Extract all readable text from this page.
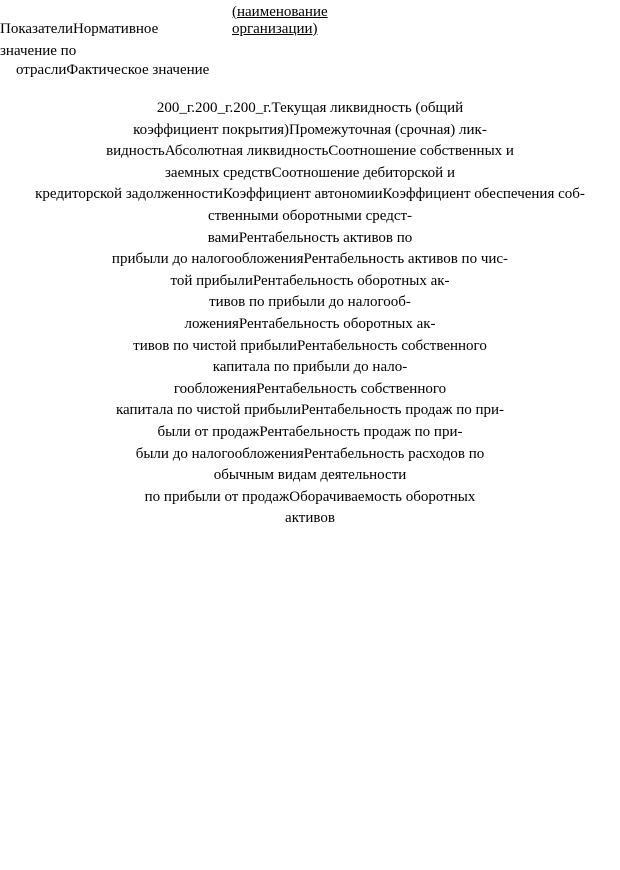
(наименование
организации)
ПоказателиНормативное
значение по
отраслиФактическое значение
200_г.200_г.200_г.Текущая ликвидность (общий
коэффициент покрытия)Промежуточная (срочная) лик-
видностьАбсолютная ликвидностьСоотношение собственных и
заемных средствСоотношение дебиторской и
кредиторской задолженностиКоэффициент автономииКоэффициент обеспечения соб-
ственными оборотными средст-
вамиРентабельность активов по
прибыли до налогообложенияРентабельность активов по чис-
той прибылиРентабельность оборотных ак-
тивов по прибыли до налогооб-
ложенияРентабельность оборотных ак-
тивов по чистой прибылиРентабельность собственного
капитала по прибыли до нало-
гообложенияРентабельность собственного
капитала по чистой прибылиРентабельность продаж по при-
были от продажРентабельность продаж по при-
были до налогообложенияРентабельность расходов по
обычным видам деятельности
по прибыли от продажОборачиваемость оборотных
активов
